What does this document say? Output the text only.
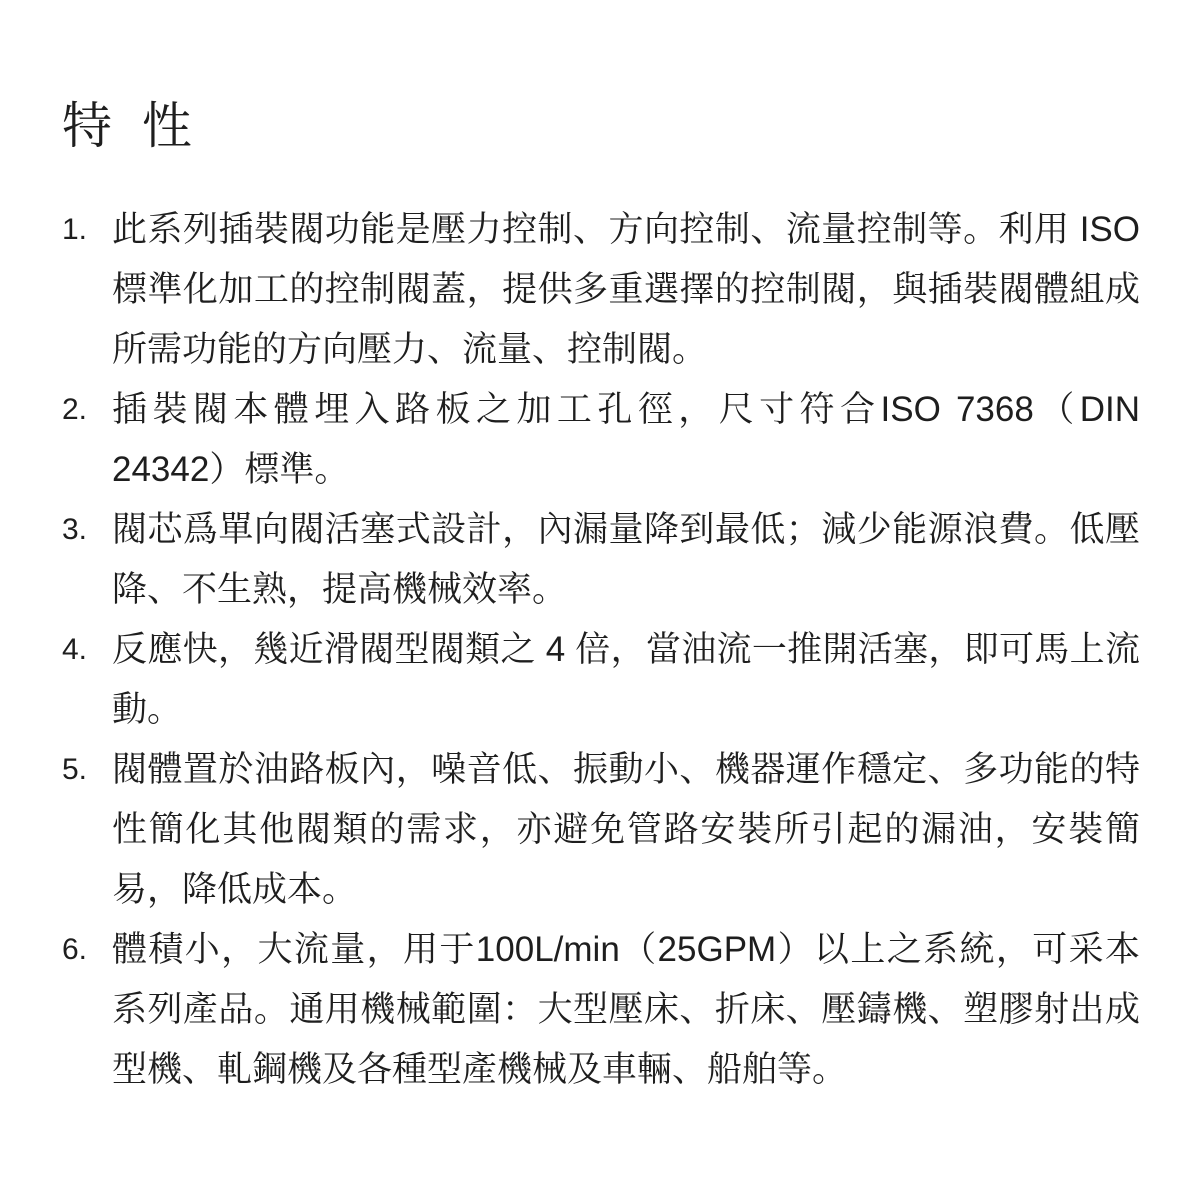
特 性
1. 此系列插裝閥功能是壓力控制、方向控制、流量控制等。利用 ISO 標準化加工的控制閥蓋，提供多重選擇的控制閥，與插裝閥體組成所需功能的方向壓力、流量、控制閥。
2. 插裝閥本體埋入路板之加工孔徑，尺寸符合ISO 7368（DIN 24342）標準。
3. 閥芯爲單向閥活塞式設計，內漏量降到最低；減少能源浪費。低壓降、不生熟，提高機械效率。
4. 反應快，幾近滑閥型閥類之 4 倍，當油流一推開活塞，即可馬上流動。
5. 閥體置於油路板內，噪音低、振動小、機器運作穩定、多功能的特性簡化其他閥類的需求，亦避免管路安裝所引起的漏油，安裝簡易，降低成本。
6. 體積小，大流量，用于100L/min（25GPM）以上之系統，可采本系列產品。通用機械範圍：大型壓床、折床、壓鑄機、塑膠射出成型機、軋鋼機及各種型產機械及車輛、船舶等。
